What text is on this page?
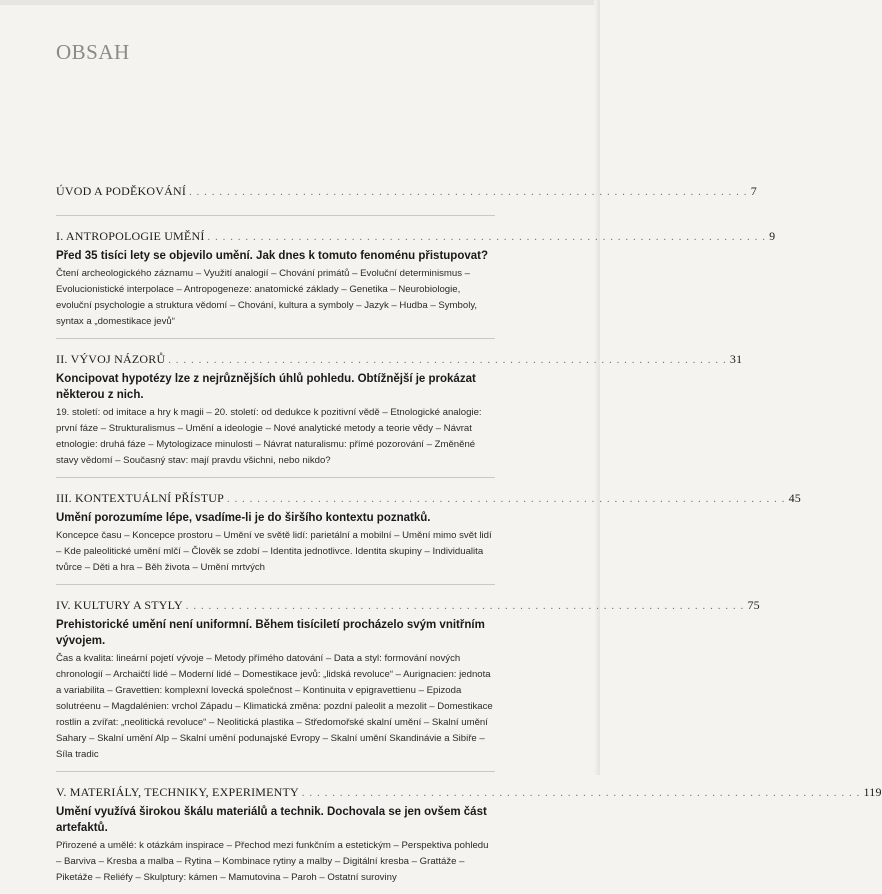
OBSAH
ÚVOD A PODĚKOVÁNÍ . . . . . . . . . . . . . . . . . . . . . . . . . . . . . . . . . . . . . . . . . . . . . . . . . . . . . . . . . . . . . . . . . . . . . . . . . . 7
I. ANTROPOLOGIE UMĚNÍ . . . . . . . . . . . . . . . . . . . . . . . . . . . . . . . . . . . . . . . . . . . . . . . . . . . . . . . . . . . . . . . . . . . . . . . . . . 9
Před 35 tisíci lety se objevilo umění. Jak dnes k tomuto fenoménu přistupovat?
Čtení archeologického záznamu – Využití analogií – Chování primátů – Evoluční determinismus – Evolucionistické interpolace – Antropogeneze: anatomické základy – Genetika – Neurobiologie, evoluční psychologie a struktura vědomí – Chování, kultura a symboly – Jazyk – Hudba – Symboly, syntax a „domestikace jevů“
II. VÝVOJ NÁZORŮ . . . . . . . . . . . . . . . . . . . . . . . . . . . . . . . . . . . . . . . . . . . . . . . . . . . . . . . . . . . . . . . . . . . . . . . . . . 31
Koncipovat hypotézy lze z nejrůznějších úhlů pohledu. Obtížnější je prokázat některou z nich.
19. století: od imitace a hry k magii – 20. století: od dedukce k pozitivní vědě – Etnologické analogie: první fáze – Strukturalismus – Umění a ideologie – Nové analytické metody a teorie vědy – Návrat etnologie: druhá fáze – Mytologizace minulosti – Návrat naturalismu: přímé pozorování – Změněné stavy vědomí – Současný stav: mají pravdu všichni, nebo nikdo?
III. KONTEXTUÁLNÍ PŘÍSTUP . . . . . . . . . . . . . . . . . . . . . . . . . . . . . . . . . . . . . . . . . . . . . . . . . . . . . . . . . . . . . . . . . . . . . . . . . . 45
Umění porozumíme lépe, vsadíme-li je do širšího kontextu poznatků.
Koncepce času – Koncepce prostoru – Umění ve světě lidí: parietální a mobilní – Umění mimo svět lidí – Kde paleolitické umění mlčí – Člověk se zdobí – Identita jednotlivce. Identita skupiny – Individualita tvůrce – Děti a hra – Běh života – Umění mrtvých
IV. KULTURY A STYLY . . . . . . . . . . . . . . . . . . . . . . . . . . . . . . . . . . . . . . . . . . . . . . . . . . . . . . . . . . . . . . . . . . . . . . . . . . 75
Prehistorické umění není uniformní. Během tisíciletí procházelo svým vnitřním vývojem.
Čas a kvalita: lineární pojetí vývoje – Metody přímého datování – Data a styl: formování nových chronologií – Archaičtí lidé – Moderní lidé – Domestikace jevů: „lidská revoluce“ – Aurignacien: jednota a variabilita – Gravettien: komplexní lovecká společnost – Kontinuita v epigravettienu – Epizoda solutréenu – Magdalénien: vrchol Západu – Klimatická změna: pozdní paleolit a mezolit – Domestikace rostlin a zvířat: „neolitická revoluce“ – Neolitická plastika – Středomořské skalní umění – Skalní umění Sahary – Skalní umění Alp – Skalní umění podunajské Evropy – Skalní umění Skandinávie a Sibiře – Síla tradic
V. MATERIÁLY, TECHNIKY, EXPERIMENTY . . . . . . . . . . . . . . . . . . . . . . . . . . . . . . . . . . . . . . . . . . . . . . . . . . . . . . . . . . . . . . . . . . . . . . . . . . 119
Umění využívá širokou škálu materiálů a technik. Dochovala se jen ovšem část artefaktů.
Přirozené a umělé: k otázkám inspirace – Přechod mezi funkčním a estetickým – Perspektiva pohledu – Barviva – Kresba a malba – Rytina – Kombinace rytiny a malby – Digitální kresba – Grattáže – Piketáže – Reliéfy – Skulptury: kámen – Mamutovina – Paroh – Ostatní suroviny
